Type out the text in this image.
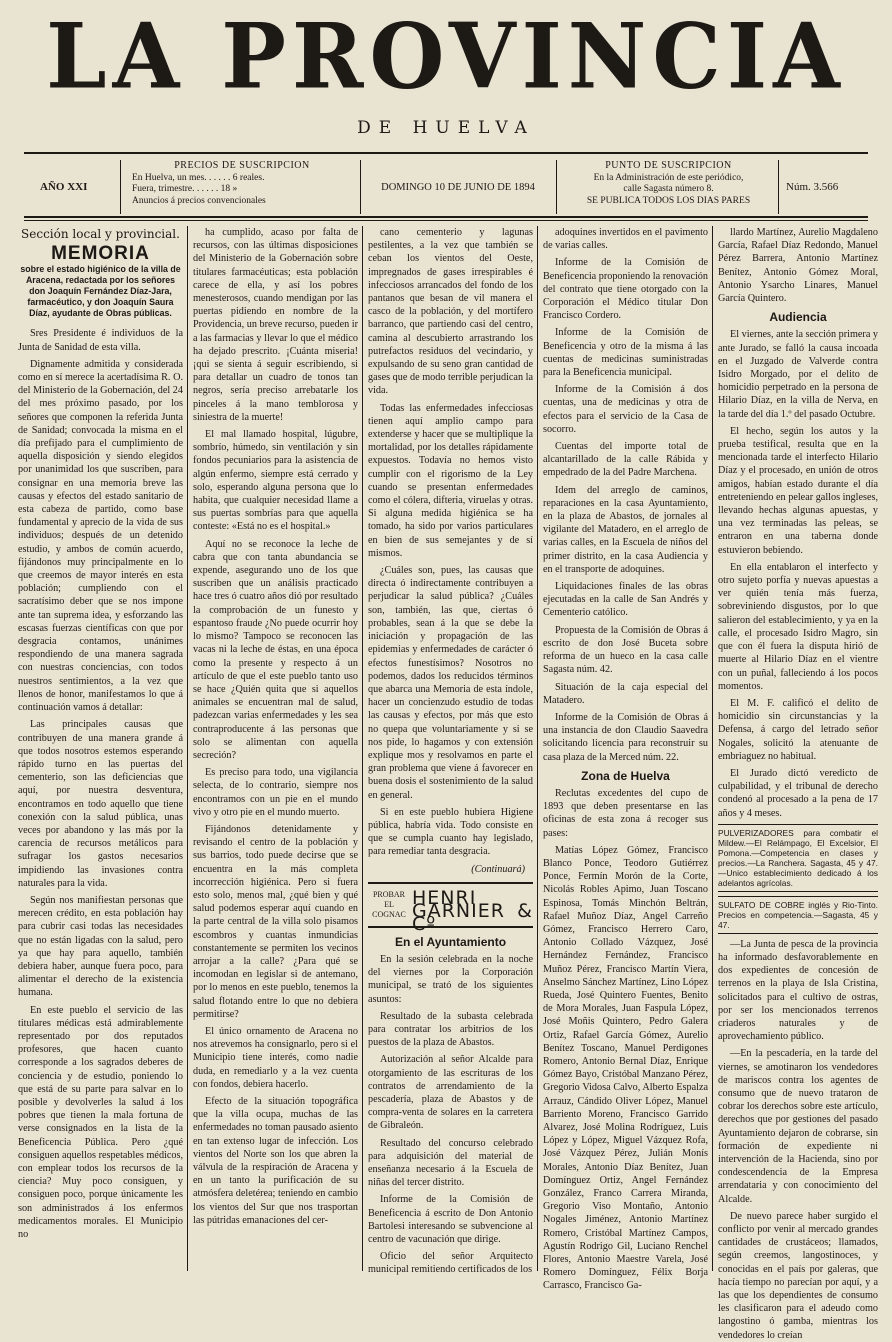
LA PROVINCIA
DE HUELVA
AÑO XXI
PRECIOS DE SUSCRIPCION
En Huelva, un mes. . . . . . 6 reales.
Fuera, trimestre. . . . . . 18 »
Anuncios á precios convencionales
DOMINGO 10 DE JUNIO DE 1894
PUNTO DE SUSCRIPCION
En la Administración de este periódico,
calle Sagasta número 8.
SE PUBLICA TODOS LOS DIAS PARES
Núm. 3.566
Sección local y provincial.
MEMORIA
sobre el estado higiénico de la villa de Aracena, redactada por los señores don Joaquín Fernández Díaz-Jara, farmacéutico, y don Joaquín Saura Díaz, ayudante de Obras públicas.

Sres Presidente é individuos de la Junta de Sanidad de esta villa.

Dignamente admitida y considerada como en sí merece la acertadísima R. O. del Ministerio de la Gobernación, del 24 del mes próximo pasado, por los señores que componen la referida Junta de Sanidad; convocada la misma en el día prefijado para el cumplimiento de aquella disposición y siendo elegidos por unanimidad los que suscriben, para consignar en una memoria breve las causas y efectos del estado sanitario de esta cabeza de partido, como base fundamental y aprecio de la vida de sus individuos; después de un detenido estudio, y ambos de común acuerdo, fijándonos muy principalmente en lo que creemos de mayor interés en esta población; cumpliendo con el sacratísimo deber que se nos impone ante tan suprema idea, y esforzando las escasas fuerzas científicas con que por desgracia contamos, unánimes respondiendo de una manera sagrada con nuestras conciencias, con todos nuestros sentimientos, a la vez que llenos de honor, manifestamos lo que á continuación vamos á detallar:

Las principales causas que contribuyen de una manera grande á que todos nosotros estemos esperando rápido turno en las puertas del cementerio, son las deficiencias que aquí, por nuestra desventura, encontramos en todo aquello que tiene conexión con la salud pública, unas veces por abandono y las más por la carencia de recursos metálicos para sufragar los gastos necesarios impidiendo las invasiones contra naturales para la vida.

Según nos manifiestan personas que merecen crédito, en esta población hay para cubrir casi todas las necesidades que no están ligadas con la salud, pero ya que hay para aquello, también debiera haber, aunque fuera poco, para alimentar el derecho de la existencia humana.

En este pueblo el servicio de las titulares médicas está admirablemente representado por dos reputados profesores, que hacen cuanto corresponde a los sagrados deberes de conciencia y de estudio, poniendo lo que está de su parte para salvar en lo posible y devolverles la salud á los pobres que tienen la mala fortuna de verse consignados en la lista de la Beneficencia Pública. Pero ¿qué consiguen aquellos respetables médicos, con emplear todos los recursos de la ciencia? Muy poco consiguen, y consiguen poco, porque únicamente les son administrados á los enfermos medicamentos morales. El Municipio no

ha cumplido, acaso por falta de recursos, con las últimas disposiciones del Ministerio de la Gobernación sobre titulares farmacéuticas; esta población carece de ella, y así los pobres menesterosos, cuando mendigan por las puertas pidiendo en nombre de la Providencia, un breve recurso, pueden ir a las farmacias y llevar lo que el médico ha dejado prescrito. ¡Cuánta miseria! ¡qui se sienta á seguir escribiendo, si para detallar un cuadro de tonos tan negros, sería preciso arrebatarle los pinceles á la mano temblorosa y siniestra de la muerte!

El mal llamado hospital, lúgubre, sombrío, húmedo, sin ventilación y sin fondos pecuniarios para la asistencia de algún enfermo, siempre está cerrado y solo, esperando alguna persona que lo habita, que cualquier necesidad llame a sus puertas sombrías para que aquella conteste: «Está no es el hospital.»

Aquí no se reconoce la leche de cabra que con tanta abundancia se expende, asegurando uno de los que suscriben que un análisis practicado hace tres ó cuatro años dió por resultado la comprobación de un funesto y espantoso fraude ¿No puede ocurrir hoy lo mismo? Tampoco se reconocen las vacas ni la leche de éstas, en una época como la presente y respecto á un artículo de que el este pueblo tanto uso se hace ¿Quién quita que si aquellos animales se encuentran mal de salud, padezcan varias enfermedades y les sea contraproducente á las personas que solo se alimentan con aquella secreción?

Es preciso para todo, una vigilancia selecta, de lo contrario, siempre nos encontramos con un pie en el mundo vivo y otro pie en el mundo muerto.

Fijándonos detenidamente y revisando el centro de la población y sus barrios, todo puede decirse que se encuentra en la más completa incorrección higiénica. Pero si fuera esto solo, menos mal, ¿qué bien y qué salud podemos esperar aquí cuando en la parte central de la villa solo pisamos escombros y cuantas inmundicias constantemente se permiten los vecinos arrojar a la calle? ¿Para qué se incomodan en legislar si de antemano, por lo menos en este pueblo, tenemos la salud flotando entre lo que no debiera permitirse?

El único ornamento de Aracena no nos atrevemos ha consignarlo, pero si el Municipio tiene interés, como nadie duda, en remediarlo y a la vez cuenta con fondos, debiera hacerlo.

Efecto de la situación topográfica que la villa ocupa, muchas de las enfermedades no toman pausado asiento en tan extenso lugar de infección. Los vientos del Norte son los que abren la válvula de la respiración de Aracena y en un tanto la purificación de su atmósfera deletérea; teniendo en cambio los vientos del Sur que nos trasportan las pútridas emanaciones del cer-

cano cementerio y lagunas pestilentes, a la vez que también se ceban los vientos del Oeste, impregnados de gases irrespirables é infecciosos arrancados del fondo de los pantanos que besan de vil manera el casco de la población, y del mortífero barranco, que partiendo casi del centro, camina al descubierto arrastrando los putrefactos residuos del vecindario, y expulsando de su seno gran cantidad de gases que de modo terrible perjudican la vida.

Todas las enfermedades infecciosas tienen aquí amplio campo para extenderse y hacer que se multiplique la mortalidad, por los detalles rápidamente expuestos. Todavía no hemos visto cumplir con el rigorismo de la Ley cuando se presentan enfermedades como el cólera, difteria, viruelas y otras. Si alguna medida higiénica se ha tomado, ha sido por varios particulares en bien de sus semejantes y de sí mismos.

¿Cuáles son, pues, las causas que directa ó indirectamente contribuyen a perjudicar la salud pública? ¿Cuáles son, también, las que, ciertas ó probables, sean á la que se debe la iniciación y propagación de las epidemias y enfermedades de carácter ó efectos funestísimos? Nosotros no podemos, dados los reducidos términos que abarca una Memoria de esta índole, hacer un concienzudo estudio de todas las causas y efectos, por más que esto no quepa que voluntariamente y si se nos pide, lo hagamos y con extensión explique mos y resolvamos en parte el gran problema que viene á favorecer en buena dosis el sostenimiento de la salud en general.

Si en este pueblo hubiera Higiene pública, habría vida. Todo consiste en que se cumpla cuanto hay legislado, para remediar tanta desgracia.

(Continuará)
PROBAR EL COGNAC
HENRI GARNIER & Cº
En el Ayuntamiento

En la sesión celebrada en la noche del viernes por la Corporación municipal, se trató de los siguientes asuntos:

Resultado de la subasta celebrada para contratar los arbitrios de los puestos de la plaza de Abastos.

Autorización al señor Alcalde para otorgamiento de las escrituras de los contratos de arrendamiento de la pescadería, plaza de Abastos y de compra-venta de solares en la carretera de Gibraleón.

Resultado del concurso celebrado para adquisición del material de enseñanza necesario á la Escuela de niñas del tercer distrito.

Informe de la Comisión de Beneficencia á escrito de Don Antonio Bartolesi interesando se subvencione al centro de vacunación que dirige.

Oficio del señor Arquitecto municipal remitiendo certificados de los

adoquines invertidos en el pavimento de varias calles.

Informe de la Comisión de Beneficencia proponiendo la renovación del contrato que tiene otorgado con la Corporación el Médico titular Don Francisco Cordero.

Informe de la Comisión de Beneficencia y otro de la misma á las cuentas de medicinas suministradas para la Beneficencia municipal.

Informe de la Comisión á dos cuentas, una de medicinas y otra de efectos para el servicio de la Casa de socorro.

Cuentas del importe total de alcantarillado de la calle Rábida y empedrado de la del Padre Marchena.

Idem del arreglo de caminos, reparaciones en la casa Ayuntamiento, en la plaza de Abastos, de jornales al vigilante del Matadero, en el arreglo de varias calles, en la Escuela de niños del primer distrito, en la casa Audiencia y en el transporte de adoquines.

Liquidaciones finales de las obras ejecutadas en la calle de San Andrés y Cementerio católico.

Propuesta de la Comisión de Obras á escrito de don José Buceta sobre reforma de un hueco en la casa calle Sagasta núm. 42.

Situación de la caja especial del Matadero.

Informe de la Comisión de Obras á una instancia de don Claudio Saavedra solicitando licencia para reconstruir su casa plaza de la Merced núm. 22.

Zona de Huelva

Reclutas excedentes del cupo de 1893 que deben presentarse en las oficinas de esta zona á recoger sus pases:

Matías López Gómez, Francisco Blanco Ponce, Teodoro Gutiérrez Ponce, Fermín Morón de la Corte, Nicolás Robles Apimo, Juan Toscano Espinosa, Tomás Minchón Beltrán, Rafael Muñoz Díaz, Angel Carreño Gómez, Francisco Herrero Caro, Antonio Collado Vázquez, José Hernández Fernández, Francisco Muñoz Pérez, Francisco Martín Viera, Anselmo Sánchez Martínez, Lino López Rueda, José Quintero Fuentes, Benito de Mora Morales, Juan Faspula López, José Moñis Quintero, Pedro Galera Ortiz, Rafael García Gómez, Aurelio Benítez Toscano, Manuel Perdigones Romero, Antonio Bernal Díaz, Enrique Gómez Bayo, Cristóbal Manzano Pérez, Gregorio Vidosa Calvo, Alberto Espalza Arrauz, Cándido Oliver López, Manuel Barriento Moreno, Francisco Garrido Alvarez, José Molina Rodríguez, Luis López y López, Miguel Vázquez Rofa, José Vázquez Pérez, Julián Monís Morales, Antonio Díaz Benítez, Juan Domínguez Ortiz, Angel Fernández González, Franco Carrera Miranda, Gregorio Viso Montaño, Antonio Nogales Jiménez, Antonio Martínez Romero, Cristóbal Martínez Campos, Agustín Rodrigo Gil, Luciano Renchel Flores, Antonio Maestre Varela, José Romero Domínguez, Félix Borja Carrasco, Francisco Ga-

llardo Martínez, Aurelio Magdaleno García, Rafael Díaz Redondo, Manuel Pérez Barrera, Antonio Martínez Benítez, Antonio Gómez Moral, Antonio Ysarcho Linares, Manuel García Quintero.

Audiencia

El viernes, ante la sección primera y ante Jurado, se falló la causa incoada en el Juzgado de Valverde contra Isidro Morgado, por el delito de homicidio perpetrado en la persona de Hilario Díaz, en la villa de Nerva, en la tarde del día 1.º del pasado Octubre.

El hecho, según los autos y la prueba testifical, resulta que en la mencionada tarde el interfecto Hilario Díaz y el procesado, en unión de otros amigos, habían estado durante el día entreteniendo en pelear gallos ingleses, llevando hechas algunas apuestas, y una vez terminadas las peleas, se entraron en una taberna donde estuvieron bebiendo.

En ella entablaron el interfecto y otro sujeto porfía y nuevas apuestas a ver quién tenía más fuerza, sobreviniendo disgustos, por lo que salieron del establecimiento, y ya en la calle, el procesado Isidro Magro, sin que con él fuera la disputa hirió de muerte al Hilario Díaz en el vientre con un puñal, falleciendo á los pocos momentos.

El M. F. calificó el delito de homicidio sin circunstancias y la Defensa, á cargo del letrado señor Nogales, solicitó la atenuante de embriaguez no habitual.

El Jurado dictó veredicto de culpabilidad, y el tribunal de derecho condenó al procesado a la pena de 17 años y 4 meses.

PULVERIZADORES para combatir el Mildew.—El Relámpago, El Excelsior, El Pomona.—Competencia en clases y precios.—La Ranchera. Sagasta, 45 y 47.—Unico establecimiento dedicado á los adelantos agrícolas.
SULFATO DE COBRE inglés y Rio-Tinto. Precios en competencia.—Sagasta, 45 y 47.

—La Junta de pesca de la provincia ha informado desfavorablemente en dos expedientes de concesión de terrenos en la playa de Isla Cristina, solicitados para el cultivo de ostras, por ser los mencionados terrenos criaderos naturales y de aprovechamiento público.

—En la pescadería, en la tarde del viernes, se amotinaron los vendedores de mariscos contra los agentes de consumo que de nuevo trataron de cobrar los derechos sobre este artículo, derechos que por gestiones del pasado Ayuntamiento dejaron de cobrarse, sin formación de expediente ni intervención de la Hacienda, sino por condescendencia de la Empresa arrendataria y con conocimiento del Alcalde.

De nuevo parece haber surgido el conflicto por venir al mercado grandes cantidades de crustáceos; llamados, según creemos, langostinoces, y conocidas en el país por galeras, que hacía tiempo no parecían por aquí, y a las que los dependientes de consumo les clasificaron para el adeudo como langostino ó gamba, mientras los vendedores lo creían
